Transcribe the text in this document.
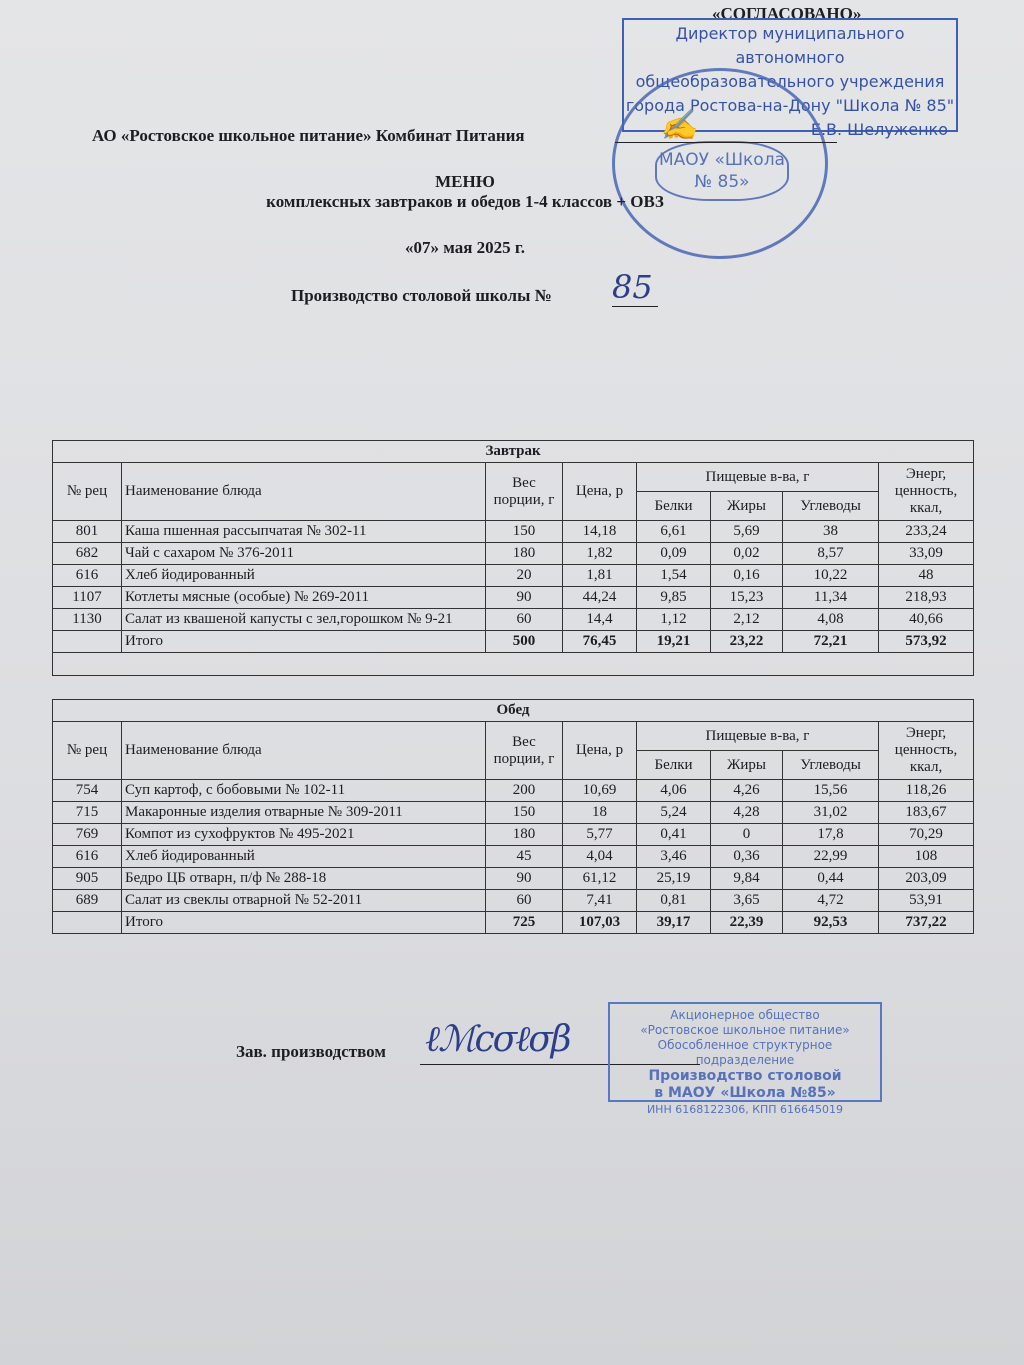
«СОГЛАСОВАНО»
Директор муниципального автономного
общеобразовательного учреждения
города Ростова-на-Дону "Школа № 85"
Е.В. Шелуженко
МАОУ «Школа № 85»
АО «Ростовское школьное питание» Комбинат Питания	✍
МЕНЮ
комплексных завтраков и обедов 1-4 классов + ОВЗ
«07» мая 2025 г.
Производство столовой школы № 85
Завтрак							
№ рец	Наименование блюда	Вес порции, г	Цена, р	Пищевые в-ва, г			Энерг, ценность, ккал,
				Белки	Жиры	Углеводы	
801	Каша пшенная рассыпчатая № 302-11	150	14,18	6,61	5,69	38	233,24
682	Чай с сахаром № 376-2011	180	1,82	0,09	0,02	8,57	33,09
616	Хлеб йодированный	20	1,81	1,54	0,16	10,22	48
1107	Котлеты мясные (особые) № 269-2011	90	44,24	9,85	15,23	11,34	218,93
1130	Салат из квашеной капусты с зел,горошком № 9-21	60	14,4	1,12	2,12	4,08	40,66
	Итого	500	76,45	19,21	23,22	72,21	573,92

Обед							
№ рец	Наименование блюда	Вес порции, г	Цена, р	Пищевые в-ва, г			Энерг, ценность, ккал,
				Белки	Жиры	Углеводы	
754	Суп картоф, с бобовыми № 102-11	200	10,69	4,06	4,26	15,56	118,26
715	Макаронные изделия отварные № 309-2011	150	18	5,24	4,28	31,02	183,67
769	Компот из сухофруктов № 495-2021	180	5,77	0,41	0	17,8	70,29
616	Хлеб йодированный	45	4,04	3,46	0,36	22,99	108
905	Бедро ЦБ отварн, п/ф № 288-18	90	61,12	25,19	9,84	0,44	203,09
689	Салат из свеклы отварной № 52-2011	60	7,41	0,81	3,65	4,72	53,91
	Итого	725	107,03	39,17	22,39	92,53	737,22
Зав. производством ℓℳсσℓσβ
Акционерное общество
«Ростовское школьное питание»
Обособленное структурное подразделение
Производство столовой
в МАОУ «Школа №85»
ИНН 6168122306, КПП 616645019
